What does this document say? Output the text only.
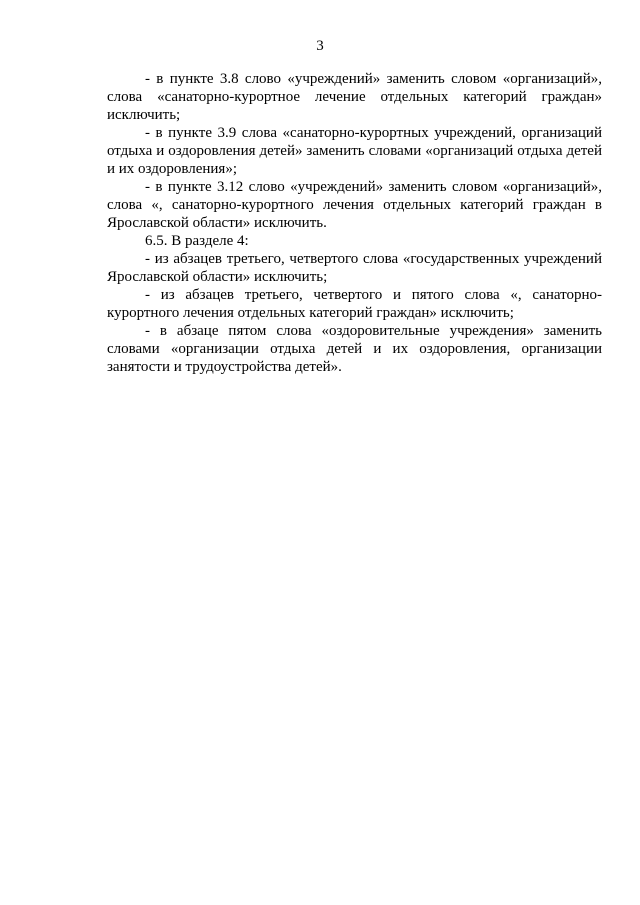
3

- в пункте 3.8 слово «учреждений» заменить словом «организаций», слова «санаторно-курортное лечение отдельных категорий граждан» исключить;

- в пункте 3.9 слова «санаторно-курортных учреждений, организаций отдыха и оздоровления детей» заменить словами «организаций отдыха детей и их оздоровления»;

- в пункте 3.12 слово «учреждений» заменить словом «организаций», слова «, санаторно-курортного лечения отдельных категорий граждан в Ярославской области» исключить.

6.5. В разделе 4:

- из абзацев третьего, четвертого слова «государственных учреждений Ярославской области» исключить;

- из абзацев третьего, четвертого и пятого слова «, санаторно-курортного лечения отдельных категорий граждан» исключить;

- в абзаце пятом слова «оздоровительные учреждения» заменить словами «организации отдыха детей и их оздоровления, организации занятости и трудоустройства детей».
